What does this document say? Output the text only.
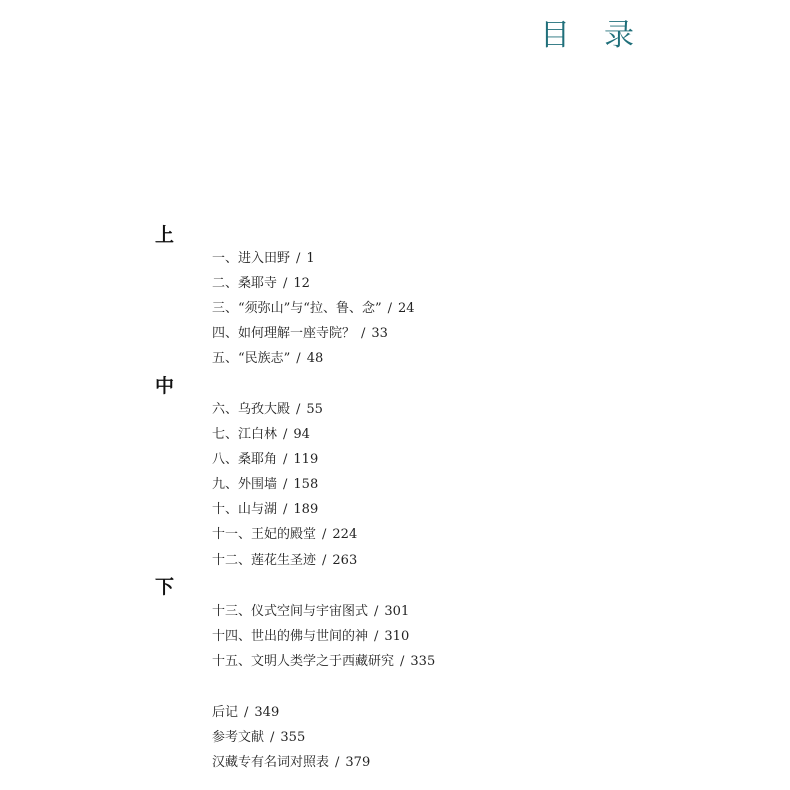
目 录
上
一、进入田野 / 1
二、桑耶寺 / 12
三、“须弥山”与“拉、鲁、念” / 24
四、如何理解一座寺院？ / 33
五、“民族志” / 48
中
六、乌孜大殿 / 55
七、江白林 / 94
八、桑耶角 / 119
九、外围墙 / 158
十、山与湖 / 189
十一、王妃的殿堂 / 224
十二、莲花生圣迹 / 263
下
十三、仪式空间与宇宙图式 / 301
十四、世出的佛与世间的神 / 310
十五、文明人类学之于西藏研究 / 335
后记 / 349
参考文献 / 355
汉藏专有名词对照表 / 379
